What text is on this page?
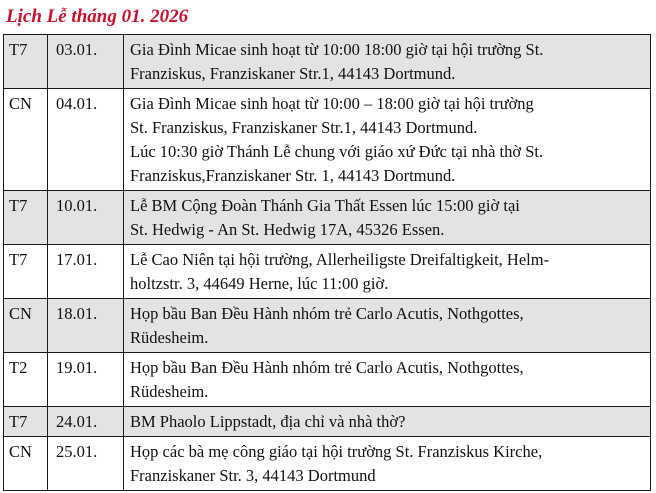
Lịch Lễ tháng 01. 2026
T7	03.01.	Gia Đình Micae sinh hoạt từ 10:00 18:00 giờ tại hội trường St.
Franziskus, Franziskaner Str.1, 44143 Dortmund.

CN	04.01.	Gia Đình Micae sinh hoạt từ 10:00 – 18:00 giờ tại hội trường
St. Franziskus, Franziskaner Str.1, 44143 Dortmund.
Lúc 10:30 giờ Thánh Lễ chung với giáo xứ Đức tại nhà thờ St.
Franziskus,Franziskaner Str. 1, 44143 Dortmund.

T7	10.01.	Lễ BM Cộng Đoàn Thánh Gia Thất Essen lúc 15:00 giờ tại
St. Hedwig - An St. Hedwig 17A, 45326 Essen.

T7	17.01.	Lễ Cao Niên tại hội trường, Allerheiligste Dreifaltigkeit, Helm-
holtzstr. 3, 44649 Herne, lúc 11:00 giờ.

CN	18.01.	Họp bầu Ban Đều Hành nhóm trẻ Carlo Acutis, Nothgottes,
Rüdesheim.

T2	19.01.	Họp bầu Ban Đều Hành nhóm trẻ Carlo Acutis, Nothgottes,
Rüdesheim.

T7	24.01.	BM Phaolo Lippstadt, địa chỉ và nhà thờ?

CN	25.01.	Họp các bà mẹ công giáo tại hội trường St. Franziskus Kirche,
Franziskaner Str. 3, 44143 Dortmund
